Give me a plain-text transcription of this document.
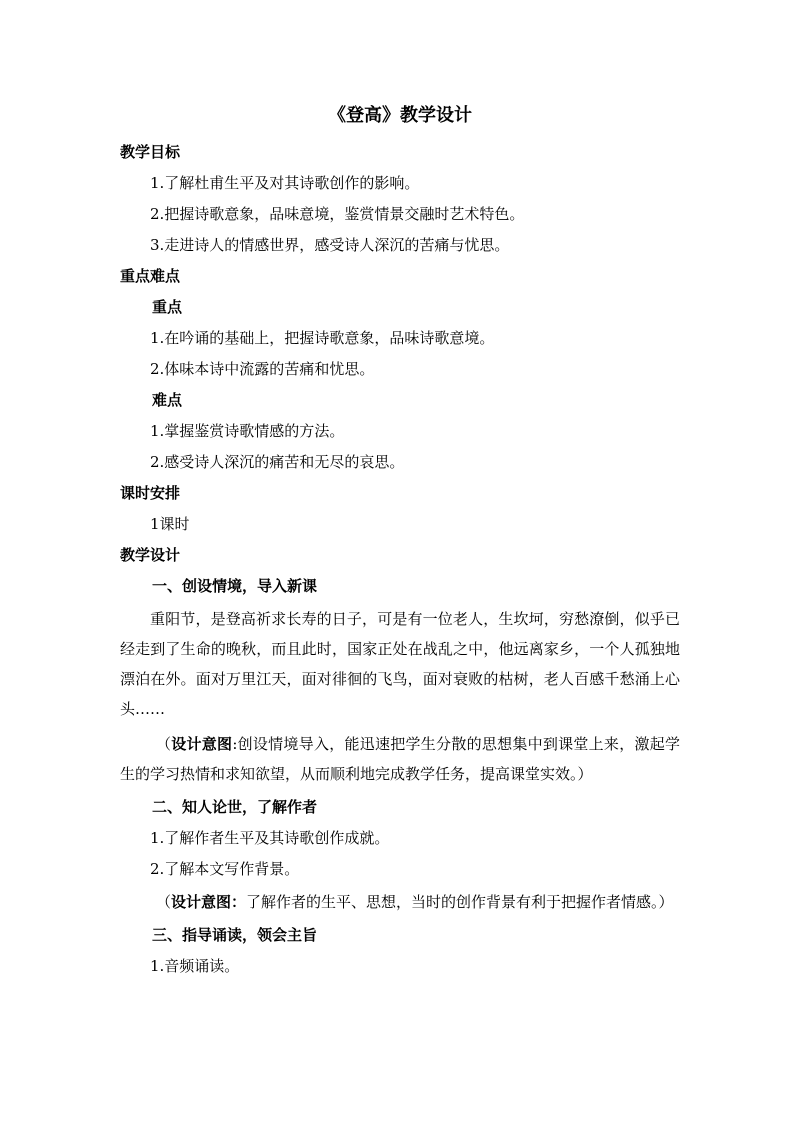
《登高》教学设计
教学目标
1.了解杜甫生平及对其诗歌创作的影响。
2.把握诗歌意象，品味意境，鉴赏情景交融时艺术特色。
3.走进诗人的情感世界，感受诗人深沉的苦痛与忧思。
重点难点
重点
1.在吟诵的基础上，把握诗歌意象，品味诗歌意境。
2.体味本诗中流露的苦痛和忧思。
难点
1.掌握鉴赏诗歌情感的方法。
2.感受诗人深沉的痛苦和无尽的哀思。
课时安排
1课时
教学设计
一、创设情境，导入新课
重阳节，是登高祈求长寿的日子，可是有一位老人，生坎坷，穷愁潦倒，似乎已经走到了生命的晚秋，而且此时，国家正处在战乱之中，他远离家乡，一个人孤独地漂泊在外。面对万里江天，面对徘徊的飞鸟，面对衰败的枯树，老人百感千愁涌上心头……
（设计意图:创设情境导入，能迅速把学生分散的思想集中到课堂上来，激起学生的学习热情和求知欲望，从而顺利地完成教学任务，提高课堂实效。）
二、知人论世，了解作者
1.了解作者生平及其诗歌创作成就。
2.了解本文写作背景。
（设计意图：了解作者的生平、思想，当时的创作背景有利于把握作者情感。）
三、指导诵读，领会主旨
1.音频诵读。
